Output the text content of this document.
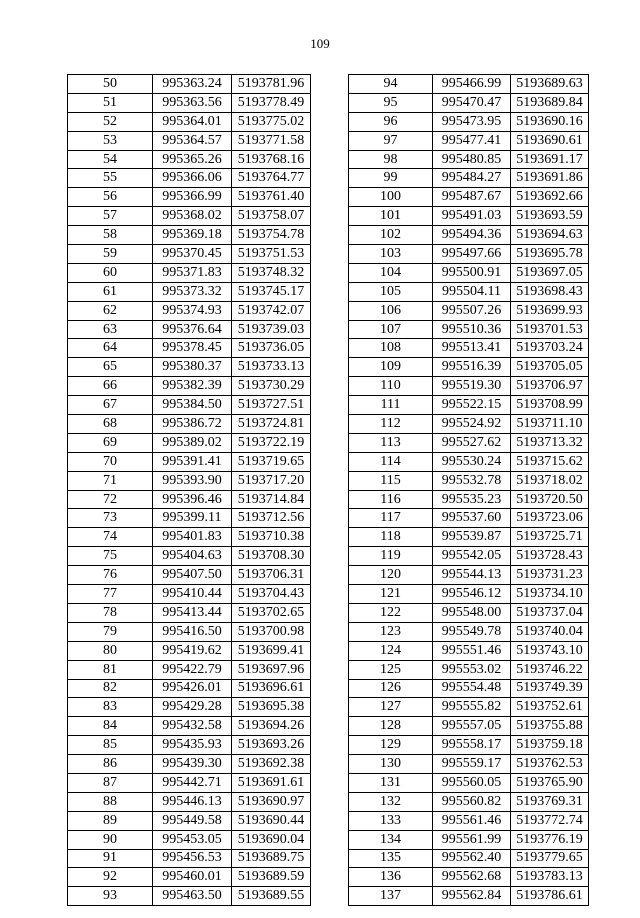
109
50	995363.24	5193781.96
51	995363.56	5193778.49
52	995364.01	5193775.02
53	995364.57	5193771.58
54	995365.26	5193768.16
55	995366.06	5193764.77
56	995366.99	5193761.40
57	995368.02	5193758.07
58	995369.18	5193754.78
59	995370.45	5193751.53
60	995371.83	5193748.32
61	995373.32	5193745.17
62	995374.93	5193742.07
63	995376.64	5193739.03
64	995378.45	5193736.05
65	995380.37	5193733.13
66	995382.39	5193730.29
67	995384.50	5193727.51
68	995386.72	5193724.81
69	995389.02	5193722.19
70	995391.41	5193719.65
71	995393.90	5193717.20
72	995396.46	5193714.84
73	995399.11	5193712.56
74	995401.83	5193710.38
75	995404.63	5193708.30
76	995407.50	5193706.31
77	995410.44	5193704.43
78	995413.44	5193702.65
79	995416.50	5193700.98
80	995419.62	5193699.41
81	995422.79	5193697.96
82	995426.01	5193696.61
83	995429.28	5193695.38
84	995432.58	5193694.26
85	995435.93	5193693.26
86	995439.30	5193692.38
87	995442.71	5193691.61
88	995446.13	5193690.97
89	995449.58	5193690.44
90	995453.05	5193690.04
91	995456.53	5193689.75
92	995460.01	5193689.59
93	995463.50	5193689.55
94	995466.99	5193689.63
95	995470.47	5193689.84
96	995473.95	5193690.16
97	995477.41	5193690.61
98	995480.85	5193691.17
99	995484.27	5193691.86
100	995487.67	5193692.66
101	995491.03	5193693.59
102	995494.36	5193694.63
103	995497.66	5193695.78
104	995500.91	5193697.05
105	995504.11	5193698.43
106	995507.26	5193699.93
107	995510.36	5193701.53
108	995513.41	5193703.24
109	995516.39	5193705.05
110	995519.30	5193706.97
111	995522.15	5193708.99
112	995524.92	5193711.10
113	995527.62	5193713.32
114	995530.24	5193715.62
115	995532.78	5193718.02
116	995535.23	5193720.50
117	995537.60	5193723.06
118	995539.87	5193725.71
119	995542.05	5193728.43
120	995544.13	5193731.23
121	995546.12	5193734.10
122	995548.00	5193737.04
123	995549.78	5193740.04
124	995551.46	5193743.10
125	995553.02	5193746.22
126	995554.48	5193749.39
127	995555.82	5193752.61
128	995557.05	5193755.88
129	995558.17	5193759.18
130	995559.17	5193762.53
131	995560.05	5193765.90
132	995560.82	5193769.31
133	995561.46	5193772.74
134	995561.99	5193776.19
135	995562.40	5193779.65
136	995562.68	5193783.13
137	995562.84	5193786.61
